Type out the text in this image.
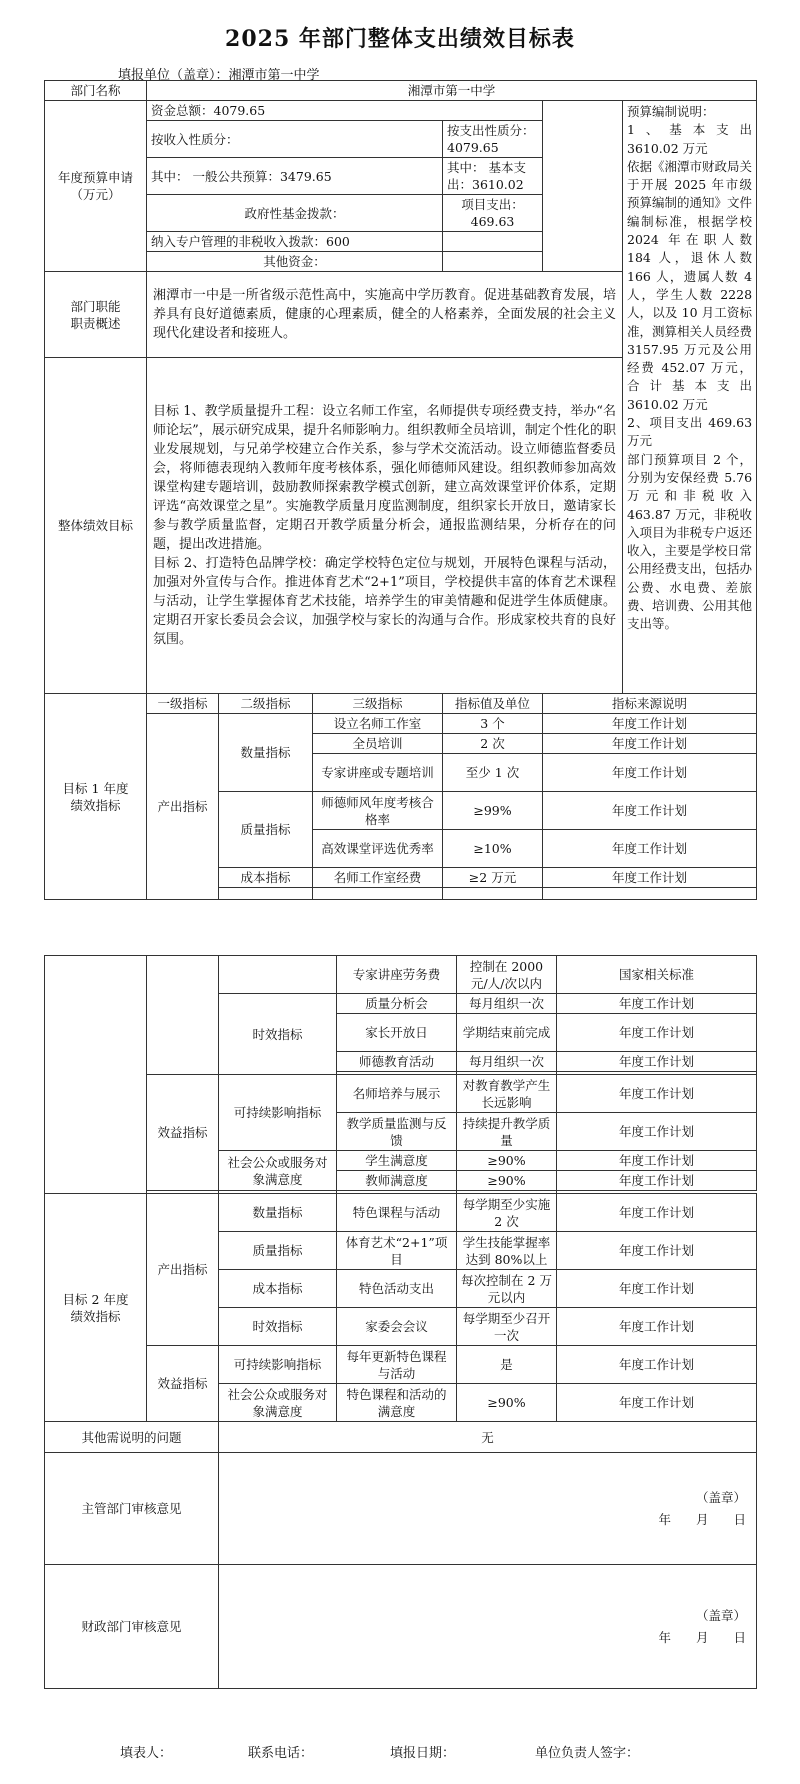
2025 年部门整体支出绩效目标表
填报单位（盖章）：湘潭市第一中学
部门名称	湘潭市第一中学					
年度预算申请（万元）	资金总额：4079.65					预算编制说明：
1、基本支出 3610.02 万元
依据《湘潭市财政局关于开展 2025 年市级预算编制的通知》文件编制标准，根据学校 2024 年在职人数 184 人，退休人数 166 人，遗属人数 4 人，学生人数 2228 人，以及 10 月工资标准，测算相关人员经费 3157.95 万元及公用经费 452.07 万元，合计基本支出 3610.02 万元
2、项目支出 469.63 万元
部门预算项目 2 个，分别为安保经费 5.76 万元和非税收入 463.87 万元，非税收入项目为非税专户返还收入，主要是学校日常公用经费支出，包括办公费、水电费、差旅费、培训费、公用其他支出等。
	按收入性质分：			按支出性质分：4079.65		
	其中： 一般公共预算：3479.65			其中： 基本支出：3610.02		
	政府性基金拨款：			项目支出：469.63		
	纳入专户管理的非税收入拨款：600					
	其他资金：					
部门职能职责概述	湘潭市一中是一所省级示范性高中，实施高中学历教育。促进基础教育发展，培养具有良好道德素质，健康的心理素质，健全的人格素养，全面发展的社会主义现代化建设者和接班人。					
整体绩效目标	目标 1、教学质量提升工程：设立名师工作室，名师提供专项经费支持，举办“名师论坛”，展示研究成果，提升名师影响力。组织教师全员培训，制定个性化的职业发展规划，与兄弟学校建立合作关系，参与学术交流活动。设立师德监督委员会，将师德表现纳入教师年度考核体系，强化师德师风建设。组织教师参加高效课堂构建专题培训，鼓励教师探索教学模式创新，建立高效课堂评价体系，定期评选“高效课堂之星”。实施教学质量月度监测制度，组织家长开放日，邀请家长参与教学质量监督，定期召开教学质量分析会，通报监测结果，分析存在的问题，提出改进措施。
目标 2、打造特色品牌学校：确定学校特色定位与规划，开展特色课程与活动，加强对外宣传与合作。推进体育艺术“2+1”项目，学校提供丰富的体育艺术课程与活动，让学生掌握体育艺术技能，培养学生的审美情趣和促进学生体质健康。定期召开家长委员会会议，加强学校与家长的沟通与合作。形成家校共育的良好氛围。					
目标 1 年度绩效指标	一级指标	二级指标	三级指标	指标值及单位	指标来源说明	
	产出指标	数量指标	设立名师工作室	3 个	年度工作计划	
			全员培训	2 次	年度工作计划	
			专家讲座或专题培训	至少 1 次	年度工作计划	
		质量指标	师德师风年度考核合格率	≥99%	年度工作计划	
			高效课堂评选优秀率	≥10%	年度工作计划	
		成本指标	名师工作室经费	≥2 万元	年度工作计划	

			专家讲座劳务费	控制在 2000 元/人/次以内	国家相关标准
		时效指标	质量分析会	每月组织一次	年度工作计划
			家长开放日	学期结束前完成	年度工作计划
			师德教育活动	每月组织一次	年度工作计划

	效益指标	可持续影响指标	名师培养与展示	对教育教学产生长远影响	年度工作计划
			教学质量监测与反馈	持续提升教学质量	年度工作计划
		社会公众或服务对象满意度	学生满意度	≥90%	年度工作计划
			教师满意度	≥90%	年度工作计划

目标 2 年度绩效指标	产出指标	数量指标	特色课程与活动	每学期至少实施 2 次	年度工作计划
		质量指标	体育艺术“2+1”项目	学生技能掌握率达到 80%以上	年度工作计划
		成本指标	特色活动支出	每次控制在 2 万元以内	年度工作计划
		时效指标	家委会会议	每学期至少召开一次	年度工作计划
	效益指标	可持续影响指标	每年更新特色课程与活动	是	年度工作计划
		社会公众或服务对象满意度	特色课程和活动的满意度	≥90%	年度工作计划
其他需说明的问题		无			
主管部门审核意见		（盖章）
年　　月　　日			

财政部门审核意见		（盖章）
年　　月　　日			
填表人：	联系电话：	填报日期：	单位负责人签字：
